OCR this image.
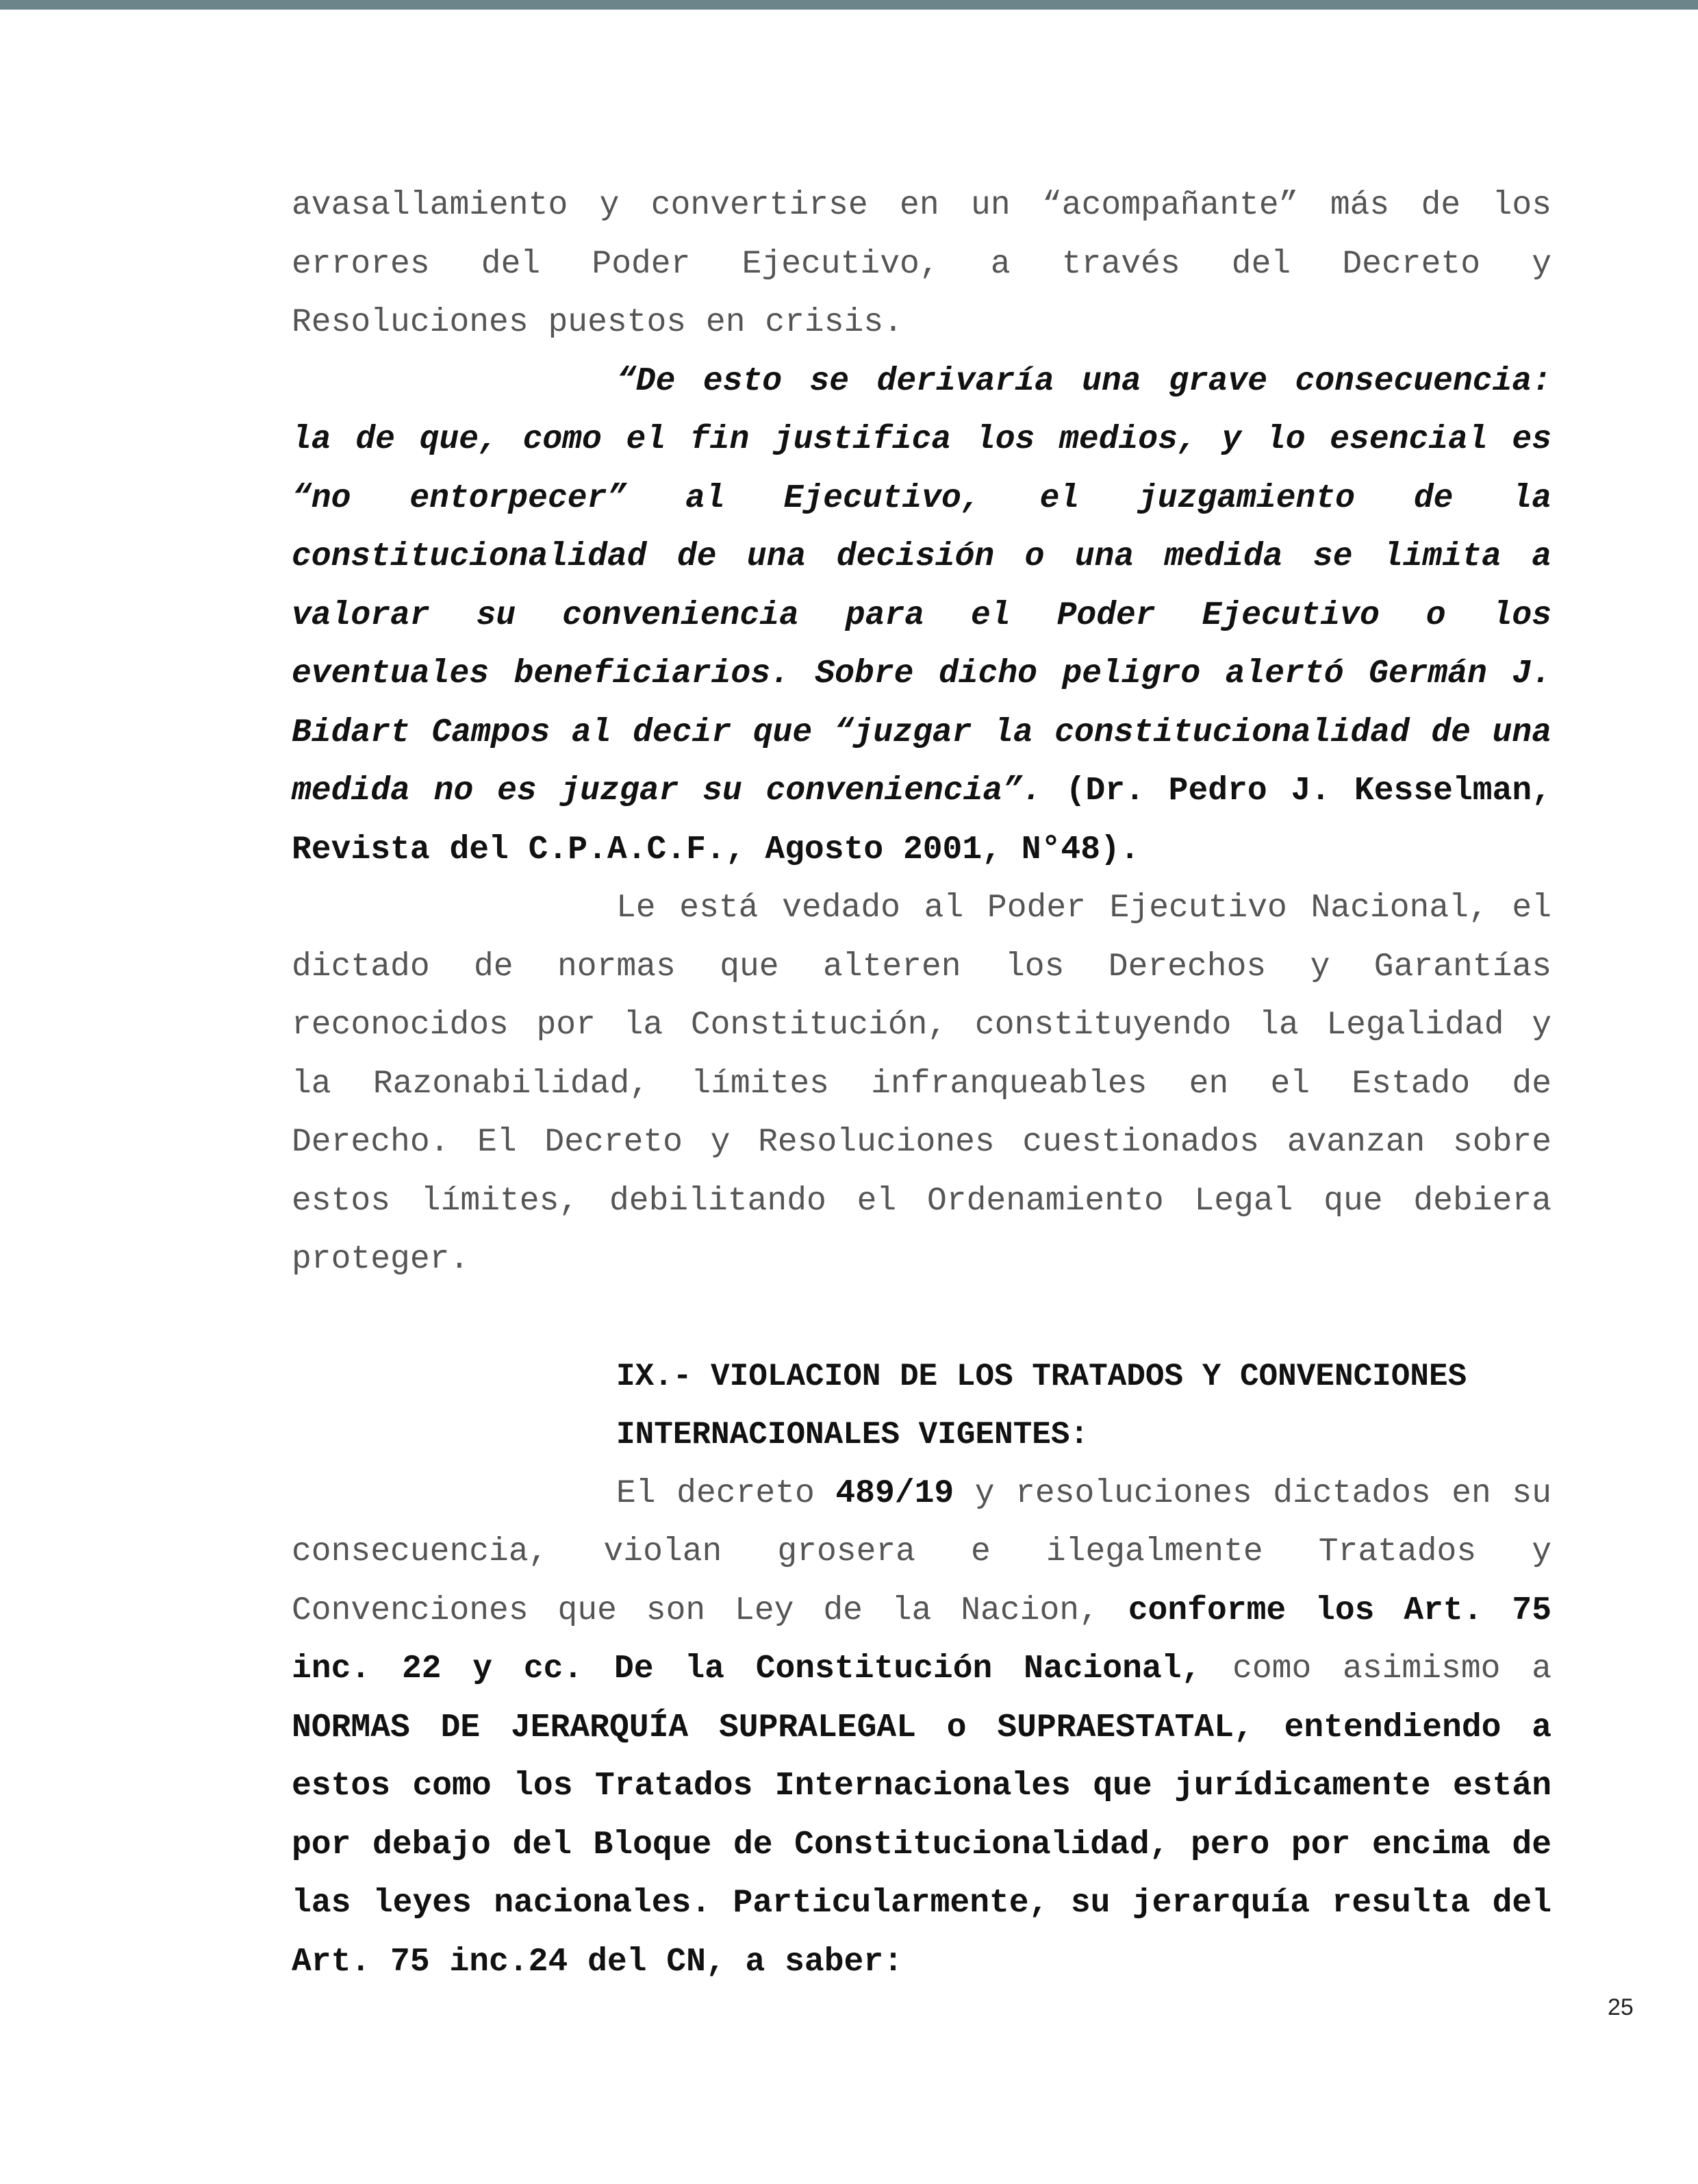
avasallamiento y convertirse en un “acompañante” más de los errores del Poder Ejecutivo, a través del Decreto y Resoluciones puestos en crisis.

“De esto se derivaría una grave consecuencia: la de que, como el fin justifica los medios, y lo esencial es “no entorpecer” al Ejecutivo, el juzgamiento de la constitucionalidad de una decisión o una medida se limita a valorar su conveniencia para el Poder Ejecutivo o los eventuales beneficiarios. Sobre dicho peligro alertó Germán J. Bidart Campos al decir que “juzgar la constitucionalidad de una medida no es juzgar su conveniencia”. (Dr. Pedro J. Kesselman, Revista del C.P.A.C.F., Agosto 2001, N°48).

Le está vedado al Poder Ejecutivo Nacional, el dictado de normas que alteren los Derechos y Garantías reconocidos por la Constitución, constituyendo la Legalidad y la Razonabilidad, límites infranqueables en el Estado de Derecho. El Decreto y Resoluciones cuestionados avanzan sobre estos límites, debilitando el Ordenamiento Legal que debiera proteger.

IX.- VIOLACION DE LOS TRATADOS Y CONVENCIONES
INTERNACIONALES VIGENTES:

El decreto 489/19 y resoluciones dictados en su consecuencia, violan grosera e ilegalmente Tratados y Convenciones que son Ley de la Nacion, conforme los Art. 75 inc. 22 y cc. De la Constitución Nacional, como asimismo a NORMAS DE JERARQUÍA SUPRALEGAL o SUPRAESTATAL, entendiendo a estos como los Tratados Internacionales que jurídicamente están por debajo del Bloque de Constitucionalidad, pero por encima de las leyes nacionales. Particularmente, su jerarquía resulta del Art. 75 inc.24 del CN, a saber:

25
